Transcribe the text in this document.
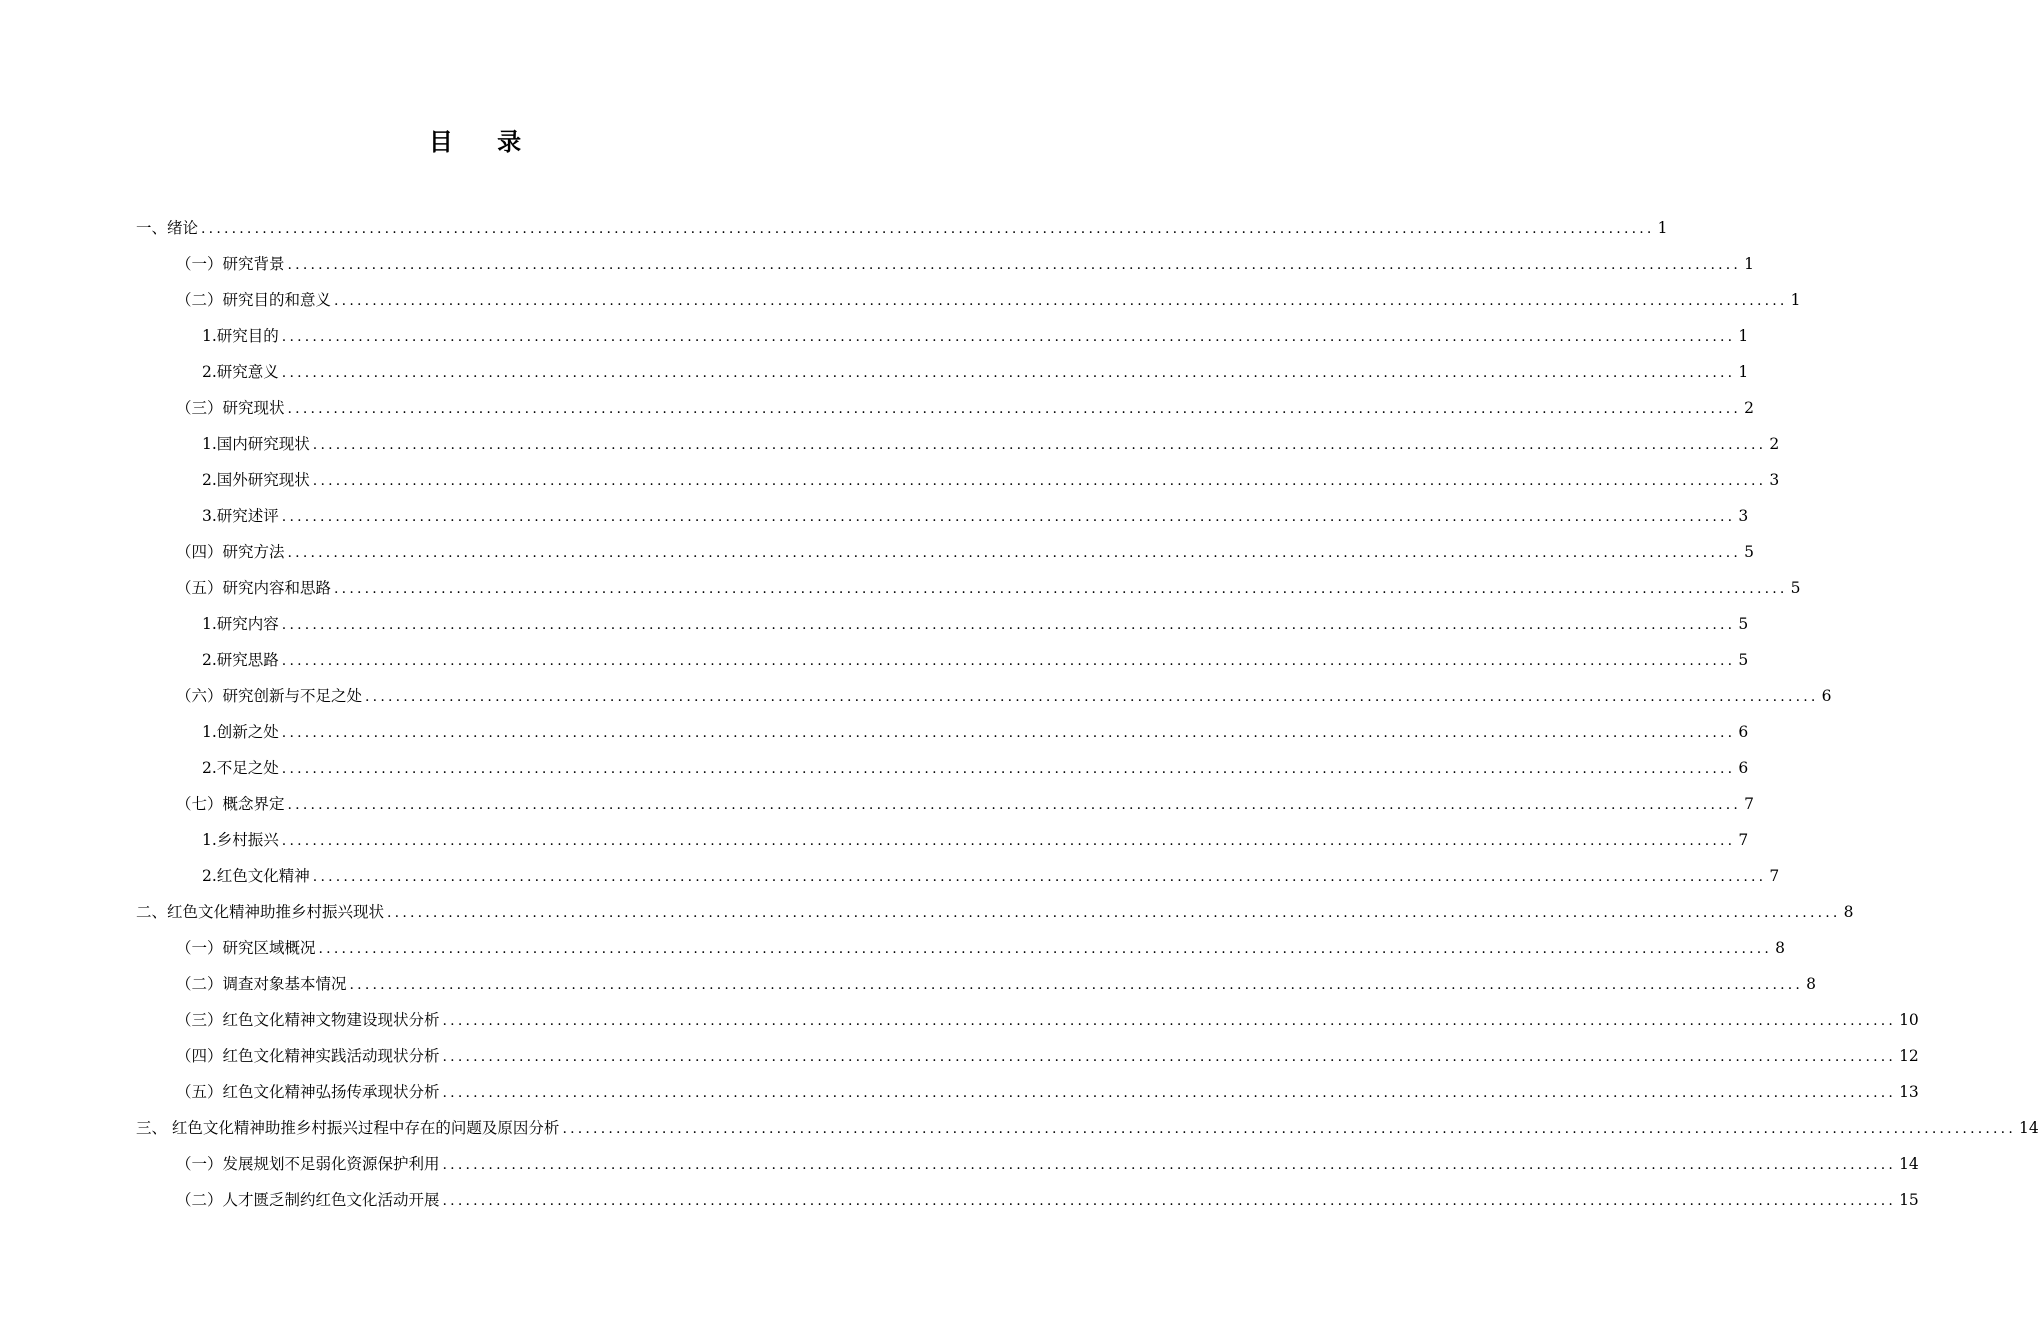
目 录
一、绪论 .............................................................................................................................................................................................. 1
（一）研究背景 .............................................................................................................................................................................................. 1
（二）研究目的和意义 .............................................................................................................................................................................................. 1
1.研究目的 .............................................................................................................................................................................................. 1
2.研究意义 .............................................................................................................................................................................................. 1
（三）研究现状 .............................................................................................................................................................................................. 2
1.国内研究现状 .............................................................................................................................................................................................. 2
2.国外研究现状 .............................................................................................................................................................................................. 3
3.研究述评 .............................................................................................................................................................................................. 3
（四）研究方法 .............................................................................................................................................................................................. 5
（五）研究内容和思路 .............................................................................................................................................................................................. 5
1.研究内容 .............................................................................................................................................................................................. 5
2.研究思路 .............................................................................................................................................................................................. 5
（六）研究创新与不足之处 .............................................................................................................................................................................................. 6
1.创新之处 .............................................................................................................................................................................................. 6
2.不足之处 .............................................................................................................................................................................................. 6
（七）概念界定 .............................................................................................................................................................................................. 7
1.乡村振兴 .............................................................................................................................................................................................. 7
2.红色文化精神 .............................................................................................................................................................................................. 7
二、红色文化精神助推乡村振兴现状 .............................................................................................................................................................................................. 8
（一）研究区域概况 .............................................................................................................................................................................................. 8
（二）调查对象基本情况 .............................................................................................................................................................................................. 8
（三）红色文化精神文物建设现状分析 .............................................................................................................................................................................................. 10
（四）红色文化精神实践活动现状分析 .............................................................................................................................................................................................. 12
（五）红色文化精神弘扬传承现状分析 .............................................................................................................................................................................................. 13
三、 红色文化精神助推乡村振兴过程中存在的问题及原因分析 .............................................................................................................................................................................................. 14
（一）发展规划不足弱化资源保护利用 .............................................................................................................................................................................................. 14
（二）人才匮乏制约红色文化活动开展 .............................................................................................................................................................................................. 15
